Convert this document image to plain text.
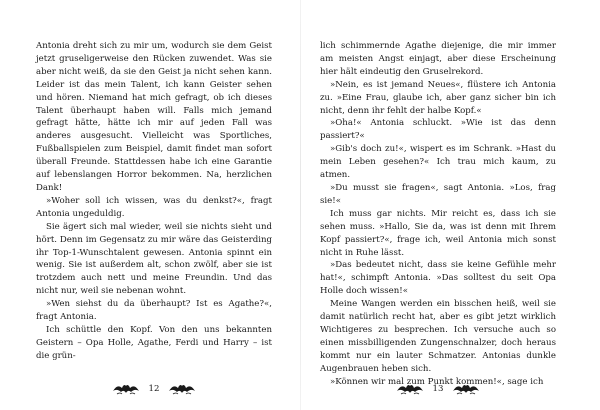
Antonia dreht sich zu mir um, wodurch sie dem Geist jetzt gruseligerweise den Rücken zuwendet. Was sie aber nicht weiß, da sie den Geist ja nicht sehen kann. Leider ist das mein Talent, ich kann Geister sehen und hören. Niemand hat mich gefragt, ob ich dieses Talent überhaupt haben will. Falls mich jemand gefragt hätte, hätte ich mir auf jeden Fall was anderes ausgesucht. Vielleicht was Sportliches, Fußballspielen zum Beispiel, damit findet man sofort überall Freunde. Stattdessen habe ich eine Garantie auf lebenslangen Horror bekommen. Na, herzlichen Dank!

»Woher soll ich wissen, was du denkst?«, fragt Antonia ungeduldig.

Sie ägert sich mal wieder, weil sie nichts sieht und hört. Denn im Gegensatz zu mir wäre das Geisterding ihr Top-1-Wunschtalent gewesen. Antonia spinnt ein wenig. Sie ist außerdem alt, schon zwölf, aber sie ist trotzdem auch nett und meine Freundin. Und das nicht nur, weil sie nebenan wohnt.

»Wen siehst du da überhaupt? Ist es Agathe?«, fragt Antonia.

Ich schüttle den Kopf. Von den uns bekannten Geistern – Opa Holle, Agathe, Ferdi und Harry – ist die grün-

12

lich schimmernde Agathe diejenige, die mir immer am meisten Angst einjagt, aber diese Erscheinung hier hält eindeutig den Gruselrekord.

»Nein, es ist jemand Neues«, flüstere ich Antonia zu. »Eine Frau, glaube ich, aber ganz sicher bin ich nicht, denn ihr fehlt der halbe Kopf.«

»Oha!« Antonia schluckt. »Wie ist das denn passiert?«

»Gib's doch zu!«, wispert es im Schrank. »Hast du mein Leben gesehen?« Ich trau mich kaum, zu atmen.

»Du musst sie fragen«, sagt Antonia. »Los, frag sie!«

Ich muss gar nichts. Mir reicht es, dass ich sie sehen muss. »Hallo, Sie da, was ist denn mit Ihrem Kopf passiert?«, frage ich, weil Antonia mich sonst nicht in Ruhe lässt.

»Das bedeutet nicht, dass sie keine Gefühle mehr hat!«, schimpft Antonia. »Das solltest du seit Opa Holle doch wissen!«

Meine Wangen werden ein bisschen heiß, weil sie damit natürlich recht hat, aber es gibt jetzt wirklich Wichtigeres zu besprechen. Ich versuche auch so einen missbilligenden Zungenschnalzer, doch heraus kommt nur ein lauter Schmatzer. Antonias dunkle Augenbrauen heben sich.

»Können wir mal zum Punkt kommen!«, sage ich

13
